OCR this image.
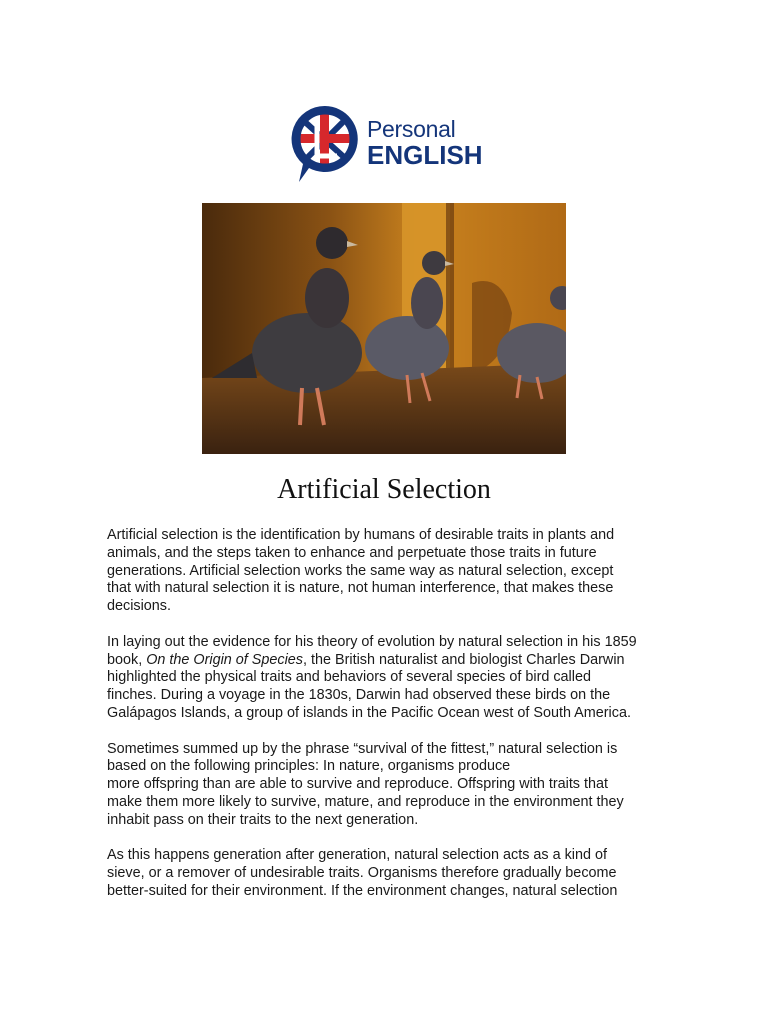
Personal
ENGLISH
Artificial Selection

Artificial selection is the identification by humans of desirable traits in plants and
animals, and the steps taken to enhance and perpetuate those traits in future
generations. Artificial selection works the same way as natural selection, except
that with natural selection it is nature, not human interference, that makes these
decisions.

In laying out the evidence for his theory of evolution by natural selection in his 1859
book, On the Origin of Species, the British naturalist and biologist Charles Darwin
highlighted the physical traits and behaviors of several species of bird called
finches. During a voyage in the 1830s, Darwin had observed these birds on the
Galápagos Islands, a group of islands in the Pacific Ocean west of South America.

Sometimes summed up by the phrase “survival of the fittest,” natural selection is
based on the following principles: In nature, organisms produce
more offspring than are able to survive and reproduce. Offspring with traits that
make them more likely to survive, mature, and reproduce in the environment they
inhabit pass on their traits to the next generation.

As this happens generation after generation, natural selection acts as a kind of
sieve, or a remover of undesirable traits. Organisms therefore gradually become
better-suited for their environment. If the environment changes, natural selection
